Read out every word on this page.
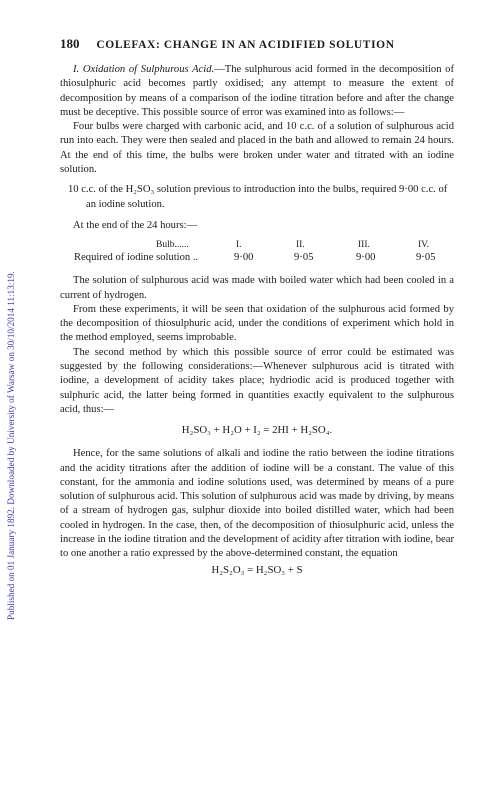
Published on 01 January 1892. Downloaded by University of Warsaw on 30/10/2014 11:13:19.
180 COLEFAX: CHANGE IN AN ACIDIFIED SOLUTION

I. Oxidation of Sulphurous Acid.—The sulphurous acid formed in the decomposition of thiosulphuric acid becomes partly oxidised; any attempt to measure the extent of decomposition by means of a comparison of the iodine titration before and after the change must be deceptive. This possible source of error was examined into as follows:—

Four bulbs were charged with carbonic acid, and 10 c.c. of a solution of sulphurous acid run into each. They were then sealed and placed in the bath and allowed to remain 24 hours. At the end of this time, the bulbs were broken under water and titrated with an iodine solution.

10 c.c. of the H₂SO₃ solution previous to introduction into the bulbs, required 9·00 c.c. of an iodine solution.

At the end of the 24 hours:—

Bulb......	I.	II.	III.	IV.
Required of iodine solution ..	9·00	9·05	9·00	9·05

The solution of sulphurous acid was made with boiled water which had been cooled in a current of hydrogen.

From these experiments, it will be seen that oxidation of the sulphurous acid formed by the decomposition of thiosulphuric acid, under the conditions of experiment which hold in the method employed, seems improbable.

The second method by which this possible source of error could be estimated was suggested by the following considerations:—Whenever sulphurous acid is titrated with iodine, a development of acidity takes place; hydriodic acid is produced together with sulphuric acid, the latter being formed in quantities exactly equivalent to the sulphurous acid, thus:—

H₂SO₃ + H₂O + I₂ = 2HI + H₂SO₄.

Hence, for the same solutions of alkali and iodine the ratio between the iodine titrations and the acidity titrations after the addition of iodine will be a constant. The value of this constant, for the ammonia and iodine solutions used, was determined by means of a pure solution of sulphurous acid. This solution of sulphurous acid was made by driving, by means of a stream of hydrogen gas, sulphur dioxide into boiled distilled water, which had been cooled in hydrogen. In the case, then, of the decomposition of thiosulphuric acid, unless the increase in the iodine titration and the development of acidity after titration with iodine, bear to one another a ratio expressed by the above-determined constant, the equation

H₂S₂O₃ = H₂SO₃ + S
